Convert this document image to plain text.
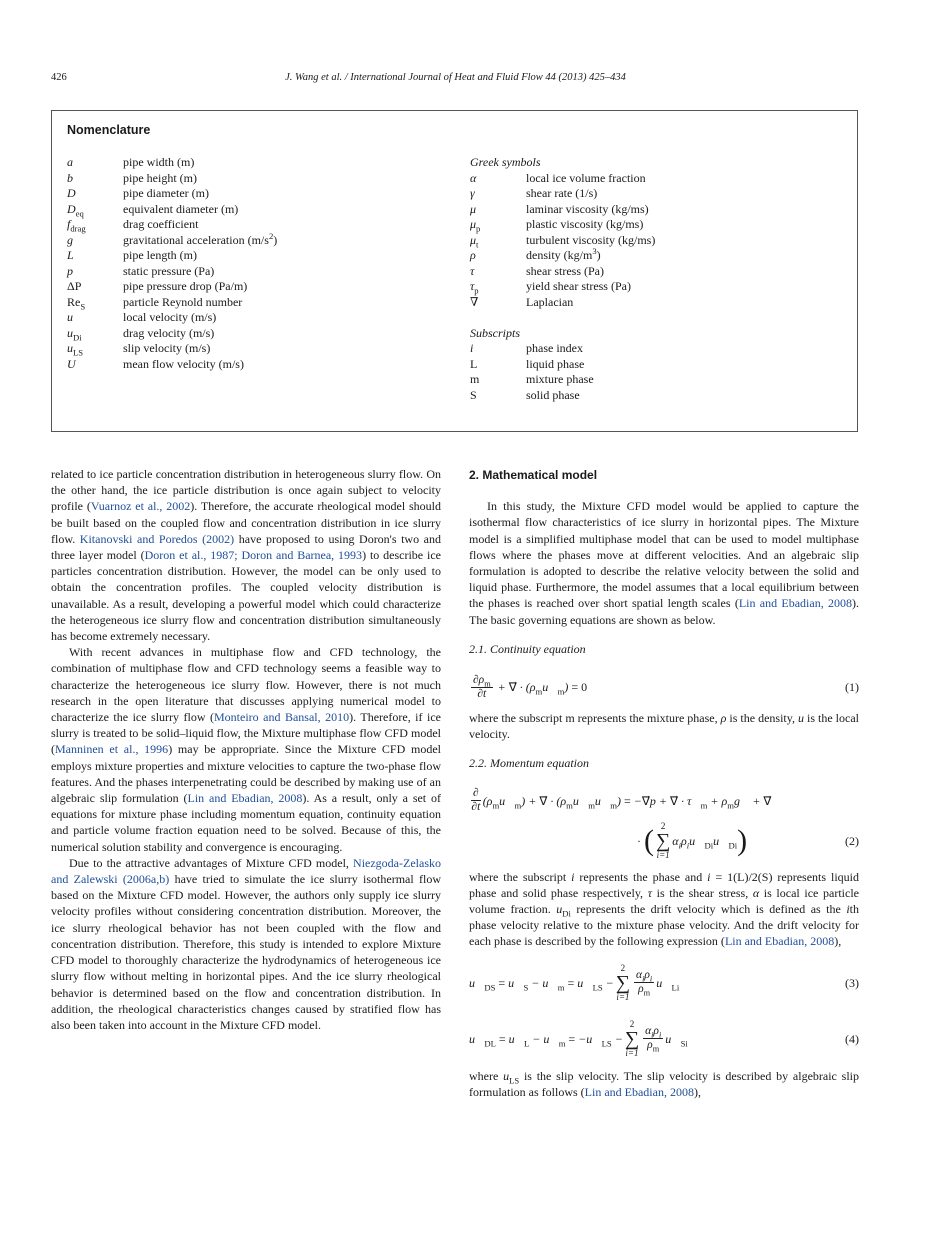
426	J. Wang et al. / International Journal of Heat and Fluid Flow 44 (2013) 425–434
Nomenclature
a	pipe width (m)
b	pipe height (m)
D	pipe diameter (m)
$D_{eq}$	equivalent diameter (m)
$f_{drag}$	drag coefficient
g	gravitational acceleration $(m/s^2)$
L	pipe length (m)
p	static pressure (Pa)
ΔP	pipe pressure drop (Pa/m)
$Re_S$	particle Reynold number
u	local velocity (m/s)
$u_{Di}$	drag velocity (m/s)
$u_{LS}$	slip velocity (m/s)
U	mean flow velocity (m/s)
Greek symbols
α	local ice volume fraction
γ	shear rate (1/s)
μ	laminar viscosity (kg/ms)
$\mu_p$	plastic viscosity (kg/ms)
$\mu_t$	turbulent viscosity (kg/ms)
ρ	density $(kg/m^3)$
τ	shear stress (Pa)
$\tau_p$	yield shear stress (Pa)
∇	Laplacian
Subscripts
i	phase index
L	liquid phase
m	mixture phase
S	solid phase

related to ice particle concentration distribution in heterogeneous slurry flow. On the other hand, the ice particle distribution is once again subject to velocity profile (Vuarnoz et al., 2002). Therefore, the accurate rheological model should be built based on the coupled flow and concentration distribution in ice slurry flow. Kitanovski and Poredos (2002) have proposed to using Doron's two and three layer model (Doron et al., 1987; Doron and Barnea, 1993) to describe ice particles concentration distribution. However, the model can be only used to obtain the concentration profiles. The coupled velocity distribution is unavailable. As a result, developing a powerful model which could characterize the heterogeneous ice slurry flow and concentration distribution simultaneously has become extremely necessary.

With recent advances in multiphase flow and CFD technology, the combination of multiphase flow and CFD technology seems a feasible way to characterize the heterogeneous ice slurry flow. However, there is not much research in the open literature that discusses applying numerical model to characterize the ice slurry flow (Monteiro and Bansal, 2010). Therefore, if ice slurry is treated to be solid–liquid flow, the Mixture multiphase flow CFD model (Manninen et al., 1996) may be appropriate. Since the Mixture CFD model employs mixture properties and mixture velocities to capture the two-phase flow features. And the phases interpenetrating could be described by making use of an algebraic slip formulation (Lin and Ebadian, 2008). As a result, only a set of equations for mixture phase including momentum equation, continuity equation and particle volume fraction equation need to be solved. Because of this, the numerical solution stability and convergence is encouraging.

Due to the attractive advantages of Mixture CFD model, Niezgoda-Zelasko and Zalewski (2006a,b) have tried to simulate the ice slurry isothermal flow based on the Mixture CFD model. However, the authors only supply ice slurry velocity profiles without considering concentration distribution. Moreover, the ice slurry rheological behavior has not been coupled with the flow and concentration distribution. Therefore, this study is intended to explore Mixture CFD model to thoroughly characterize the hydrodynamics of heterogeneous ice slurry flow without melting in horizontal pipes. And the ice slurry rheological behavior is determined based on the flow and concentration distribution. In addition, the rheological characteristics changes caused by stratified flow has also been taken into account in the Mixture CFD model.

2. Mathematical model

In this study, the Mixture CFD model would be applied to capture the isothermal flow characteristics of ice slurry in horizontal pipes. The Mixture model is a simplified multiphase model that can be used to model multiphase flows where the phases move at different velocities. And an algebraic slip formulation is adopted to describe the relative velocity between the solid and liquid phase. Furthermore, the model assumes that a local equilibrium between the phases is reached over short spatial length scales (Lin and Ebadian, 2008). The basic governing equations are shown as below.

2.1. Continuity equation

$\frac{\partial\rho_m}{\partial t}$ + ∇⃗ · $(\rho_mu⃗_m) = 0$	(1)

where the subscript m represents the mixture phase, ρ is the density, u is the local velocity.

2.2. Momentum equation

$\frac{\partial}{\partial t}$ $(\rho_mu⃗_m)$ + ∇⃗ · $(\rho_mu⃗_mu⃗_m)$ = −∇⃗p + ∇⃗ · $\tau⃗_m$ + $\rho_mg⃗$ + ∇⃗
· ( 2
∑
i=1
$\alpha_i\rho_iu⃗_{Di}u⃗_{Di}$ )	(2)

where the subscript i represents the phase and i = 1(L)/2(S) represents liquid phase and solid phase respectively, τ is the shear stress, α is local ice particle volume fraction. $u_{Di}$ represents the drift velocity which is defined as the ith phase velocity relative to the mixture phase velocity. And the drift velocity for each phase is described by the following expression (Lin and Ebadian, 2008),

$u⃗_{DS}$ = $u⃗_S$ − $u⃗_m$ = $u⃗_{LS}$ −
2
∑
i=1
$\frac{\alpha_i\rho_i}{\rho_m}$ $u⃗_{Li}$	(3)
$u⃗_{DL}$ = $u⃗_L$ − $u⃗_m$ = $-u⃗_{LS}$ −
2
∑
i=1
$\frac{\alpha_i\rho_i}{\rho_m}$ $u⃗_{Si}$	(4)

where $u_{LS}$ is the slip velocity. The slip velocity is described by algebraic slip formulation as follows (Lin and Ebadian, 2008),
